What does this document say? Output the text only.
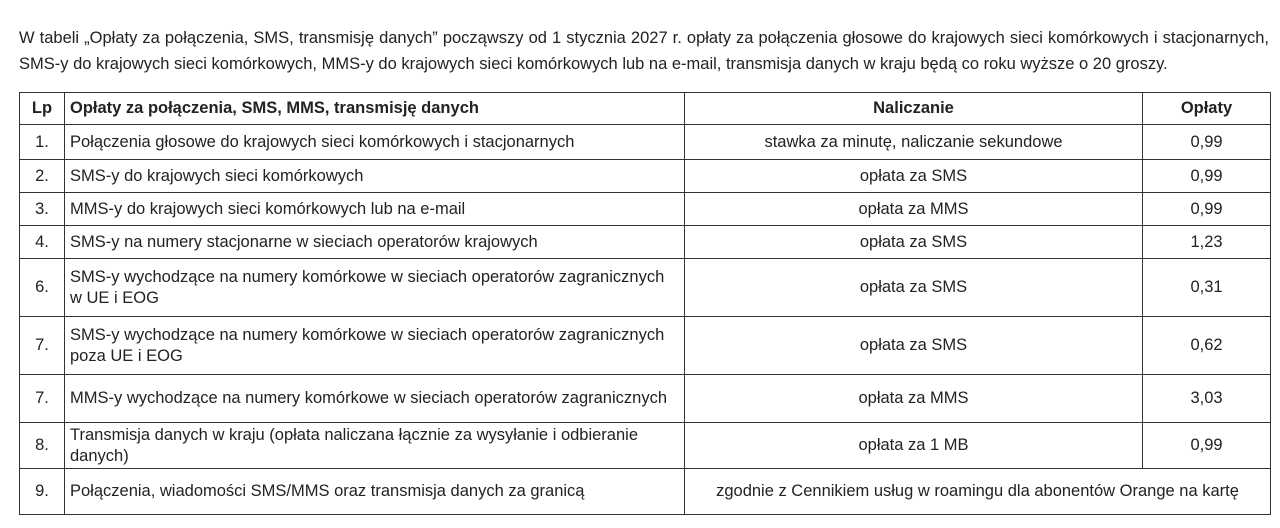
W tabeli „Opłaty za połączenia, SMS, transmisję danych” począwszy od 1 stycznia 2027 r. opłaty za połączenia głosowe do krajowych sieci komórkowych i stacjonarnych, SMS-y do krajowych sieci komórkowych, MMS-y do krajowych sieci komórkowych lub na e-mail, transmisja danych w kraju będą co roku wyższe o 20 groszy.

Lp	Opłaty za połączenia, SMS, MMS, transmisję danych	Naliczanie	Opłaty
1.	Połączenia głosowe do krajowych sieci komórkowych i stacjonarnych	stawka za minutę, naliczanie sekundowe	0,99
2.	SMS-y do krajowych sieci komórkowych	opłata za SMS	0,99
3.	MMS-y do krajowych sieci komórkowych lub na e-mail	opłata za MMS	0,99
4.	SMS-y na numery stacjonarne w sieciach operatorów krajowych	opłata za SMS	1,23
6.	SMS-y wychodzące na numery komórkowe w sieciach operatorów zagranicznych w UE i EOG	opłata za SMS	0,31
7.	SMS-y wychodzące na numery komórkowe w sieciach operatorów zagranicznych poza UE i EOG	opłata za SMS	0,62
7.	MMS-y wychodzące na numery komórkowe w sieciach operatorów zagranicznych	opłata za MMS	3,03
8.	Transmisja danych w kraju (opłata naliczana łącznie za wysyłanie i odbieranie danych)	opłata za 1 MB	0,99
9.	Połączenia, wiadomości SMS/MMS oraz transmisja danych za granicą	zgodnie z Cennikiem usług w roamingu dla abonentów Orange na kartę	
